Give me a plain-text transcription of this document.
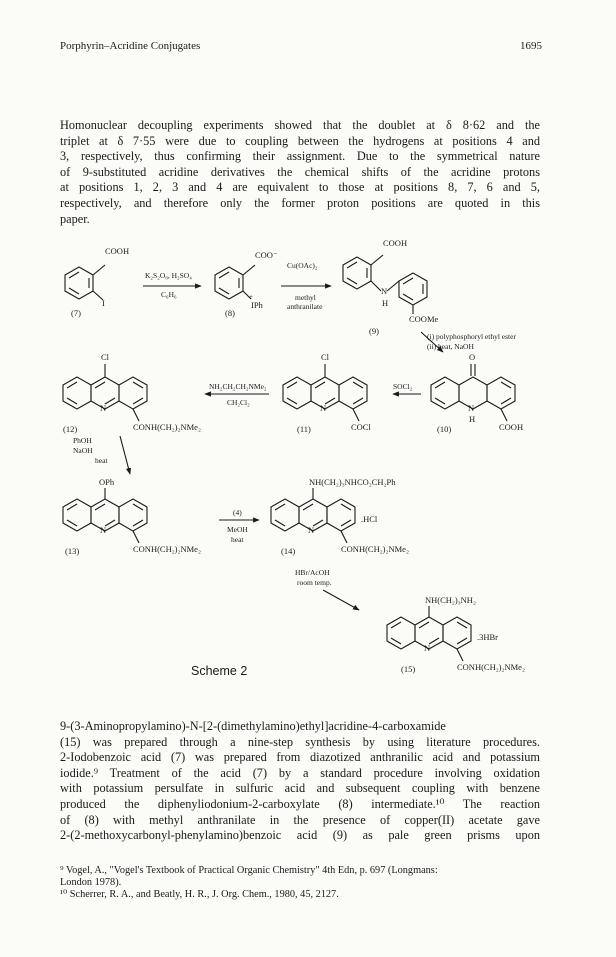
Porphyrin–Acridine Conjugates	1695

Homonuclear decoupling experiments showed that the doublet at δ 8·62 and the
triplet at δ 7·55 were due to coupling between the hydrogens at positions 4 and
3, respectively, thus confirming their assignment. Due to the symmetrical nature
of 9-substituted acridine derivatives the chemical shifts of the acridine protons
at positions 1, 2, 3 and 4 are equivalent to those at positions 8, 7, 6 and 5,
respectively, and therefore only the former proton positions are quoted in this
paper.

COOH
I
(7)
K₂S₂O₈, H₂SO₄
C₆H₆
COO⁻
+
IPh
(8)
Cu(OAc)₂
methyl
anthranilate
COOH
N
H
COOMe
(9)
(i) polyphosphoryl ethyl ester
(ii) heat, NaOH
O
N
H
COOH
(10)
SOCl₂
Cl
N
COCl
(11)
NH₂CH₂CH₂NMe₂
CH₂Cl₂
Cl
N
CONH(CH₂)₂NMe₂
(12)
PhOH
NaOH
heat
OPh
N
CONH(CH₂)₂NMe₂
(13)
(4)
MeOH
heat
NH(CH₂)₃NHCO₂CH₂Ph
.HCl
N
CONH(CH₂)₂NMe₂
(14)
HBr/AcOH
room temp.
NH(CH₂)₃NH₂
.3HBr
N
CONH(CH₂)₂NMe₂
(15)
Scheme 2

9-(3-Aminopropylamino)-N-[2-(dimethylamino)ethyl]acridine-4-carboxamide
(15) was prepared through a nine-step synthesis by using literature procedures.
2-Iodobenzoic acid (7) was prepared from diazotized anthranilic acid and potassium
iodide.⁹ Treatment of the acid (7) by a standard procedure involving oxidation
with potassium persulfate in sulfuric acid and subsequent coupling with benzene
produced the diphenyliodonium-2-carboxylate (8) intermediate.¹⁰ The reaction
of (8) with methyl anthranilate in the presence of copper(II) acetate gave
2-(2-methoxycarbonyl-phenylamino)benzoic acid (9) as pale green prisms upon

⁹ Vogel, A., "Vogel's Textbook of Practical Organic Chemistry" 4th Edn, p. 697 (Longmans:
London 1978).
¹⁰ Scherrer, R. A., and Beatly, H. R., J. Org. Chem., 1980, 45, 2127.
